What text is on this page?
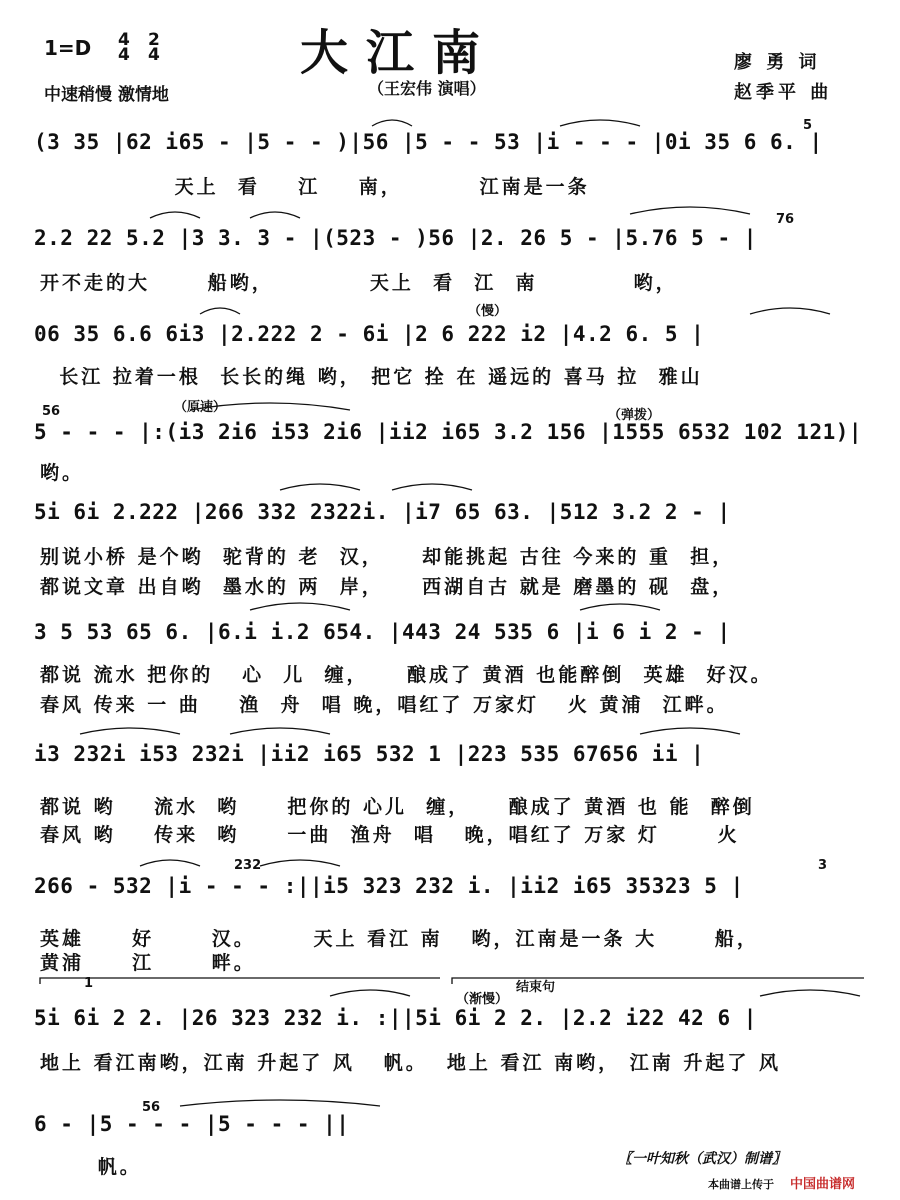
大江南
1=D 4
4
2
4
中速稍慢 激情地	（王宏伟 演唱）
廖 勇 词
赵季平 曲
(3 35 |62 i65 - |5 - - )|56 |5 - - 53 |i - - - |0i 35 6 6. |
天上  看    江    南，        江南是一条
5
2.2 22 5.2 |3 3. 3 - |(523 - )56 |2. 26 5 - |5.76 5 - |
开不走的大      船哟，          天上  看  江  南          哟，
76
（慢）
06 35 6.6 6i3 |2.222 2 - 6i |2 6 222 i2 |4.2 6. 5 |
长江 拉着一根  长长的绳 哟， 把它 拴 在 遥远的 喜马 拉  雅山
（原速）
（弹拨）
56
5 - - - |:(i3 2i6 i53 2i6 |ii2 i65 3.2 156 |1555 6532 102 121)|
哟。
5i 6i 2.222 |266 332 2322i. |i7 65 63. |512 3.2 2 - |
别说小桥 是个哟  驼背的 老  汉，    却能挑起 古往 今来的 重  担，
都说文章 出自哟  墨水的 两  岸，    西湖自古 就是 磨墨的 砚  盘，
3 5 53 65 6. |6.i i.2 654. |443 24 535 6 |i 6 i 2 - |
都说 流水 把你的   心  儿  缠，    酿成了 黄酒 也能醉倒  英雄  好汉。
春风 传来 一 曲    渔  舟  唱 晚，唱红了 万家灯   火 黄浦  江畔。
i3 232i i53 232i |ii2 i65 532 1 |223 535 67656 ii |
都说 哟    流水  哟     把你的 心儿  缠，    酿成了 黄酒 也 能  醉倒
春风 哟    传来  哟     一曲  渔舟  唱   晚，唱红了 万家 灯      火
232	3
266 - 532 |i - - - :||i5 323 232 i. |ii2 i65 35323 5 |
英雄     好      汉。      天上 看江 南   哟，江南是一条 大      船，
黄浦     江      畔。
1
（渐慢）
结束句
5i 6i 2 2. |26 323 232 i. :||5i 6i 2 2. |2.2 i22 42 6 |
地上 看江南哟，江南 升起了 风   帆。  地上 看江 南哟， 江南 升起了 风
56
6 - |5 - - - |5 - - - ||
帆。	〖一叶知秋（武汉）制谱〗
本曲谱上传于 中国曲谱网
